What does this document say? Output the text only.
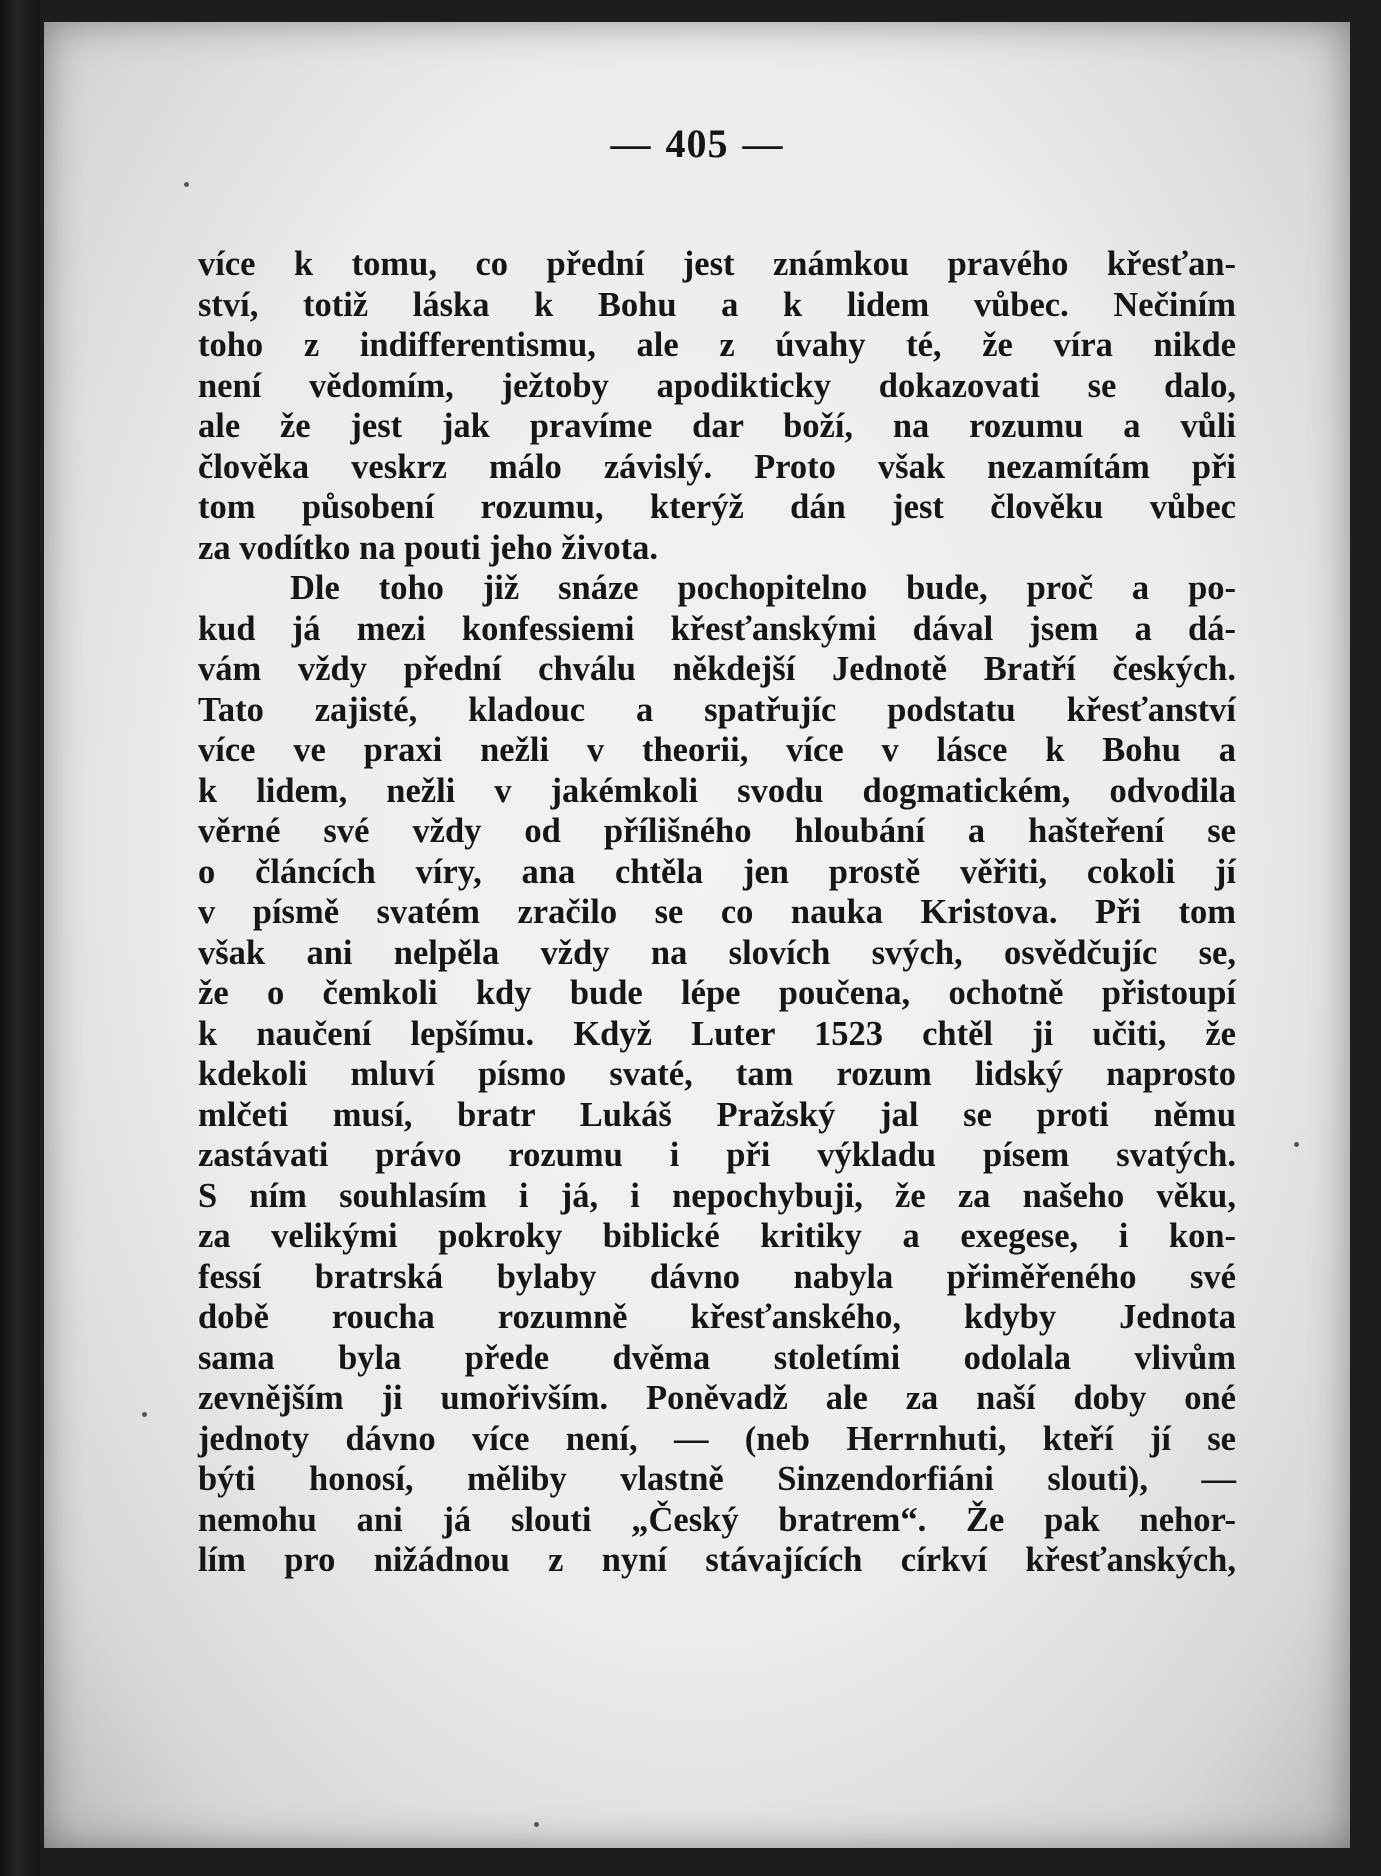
— 405 —
více k tomu, co přední jest známkou pravého křesťan-
ství, totiž láska k Bohu a k lidem vůbec. Nečiním
toho z indifferentismu, ale z úvahy té, že víra nikde
není vědomím, ježtoby apodikticky dokazovati se dalo,
ale že jest jak pravíme dar boží, na rozumu a vůli
člověka veskrz málo závislý. Proto však nezamítám při
tom působení rozumu, kterýž dán jest člověku vůbec
za vodítko na pouti jeho života.
Dle toho již snáze pochopitelno bude, proč a po-
kud já mezi konfessiemi křesťanskými dával jsem a dá-
vám vždy přední chválu někdejší Jednotě Bratří českých.
Tato zajisté, kladouc a spatřujíc podstatu křesťanství
více ve praxi nežli v theorii, více v lásce k Bohu a
k lidem, nežli v jakémkoli svodu dogmatickém, odvodila
věrné své vždy od přílišného hloubání a hašteření se
o článcích víry, ana chtěla jen prostě věřiti, cokoli jí
v písmě svatém zračilo se co nauka Kristova. Při tom
však ani nelpěla vždy na slovích svých, osvědčujíc se,
že o čemkoli kdy bude lépe poučena, ochotně přistoupí
k naučení lepšímu. Když Luter 1523 chtěl ji učiti, že
kdekoli mluví písmo svaté, tam rozum lidský naprosto
mlčeti musí, bratr Lukáš Pražský jal se proti němu
zastávati právo rozumu i při výkladu písem svatých.
S ním souhlasím i já, i nepochybuji, že za našeho věku,
za velikými pokroky biblické kritiky a exegese, i kon-
fessí bratrská bylaby dávno nabyla přiměřeného své
době roucha rozumně křesťanského, kdyby Jednota
sama byla přede dvěma stoletími odolala vlivům
zevnějším ji umořivším. Poněvadž ale za naší doby oné
jednoty dávno více není, — (neb Herrnhuti, kteří jí se
býti honosí, měliby vlastně Sinzendorfiáni slouti), —
nemohu ani já slouti „Český bratrem“. Že pak nehor-
lím pro nižádnou z nyní stávajících církví křesťanských,
